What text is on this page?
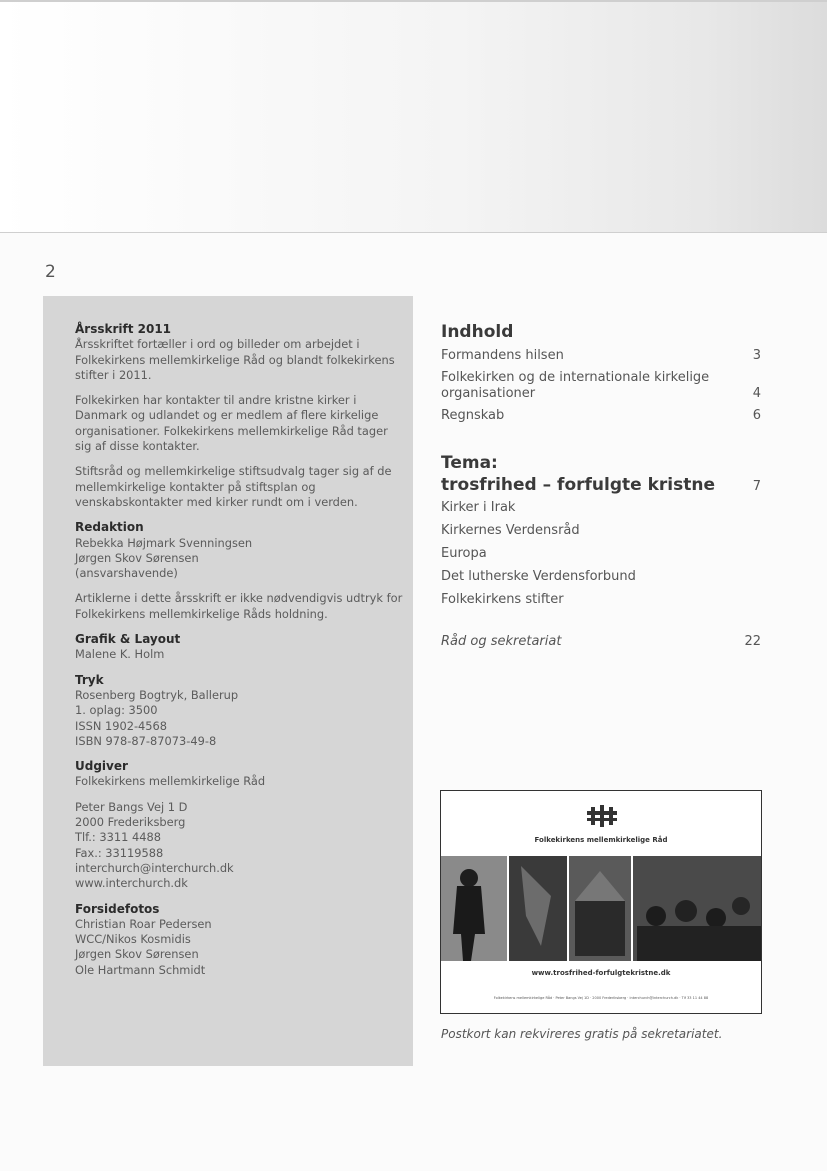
2

Årsskrift 2011

Årsskriftet fortæller i ord og billeder om arbejdet i Folkekirkens mellemkirkelige Råd og blandt folkekirkens stifter i 2011.

Folkekirken har kontakter til andre kristne kirker i Danmark og udlandet og er medlem af flere kirkelige organisationer. Folkekirkens mellemkirkelige Råd tager sig af disse kontakter.

Stiftsråd og mellemkirkelige stiftsudvalg tager sig af de mellemkirkelige kontakter på stiftsplan og venskabskontakter med kirker rundt om i verden.

Redaktion

Rebekka Højmark Svenningsen

Jørgen Skov Sørensen

(ansvarshavende)

Artiklerne i dette årsskrift er ikke nødvendigvis udtryk for Folkekirkens mellemkirkelige Råds holdning.

Grafik & Layout

Malene K. Holm

Tryk

Rosenberg Bogtryk, Ballerup

1. oplag: 3500

ISSN 1902-4568

ISBN 978-87-87073-49-8

Udgiver

Folkekirkens mellemkirkelige Råd

Peter Bangs Vej 1 D

2000 Frederiksberg

Tlf.: 3311 4488

Fax.: 33119588

interchurch@interchurch.dk

www.interchurch.dk

Forsidefotos

Christian Roar Pedersen

WCC/Nikos Kosmidis

Jørgen Skov Sørensen

Ole Hartmann Schmidt

Indhold

Formandens hilsen	3
Folkekirken og de internationale kirkelige organisationer	4
Regnskab	6

Tema:

trosfrihed – forfulgte kristne	7

Kirker i Irak
Kirkernes Verdensråd
Europa
Det lutherske Verdensforbund
Folkekirkens stifter
Råd og sekretariat	22
Folkekirkens mellemkirkelige Råd
www.trosfrihed-forfulgtekristne.dk
Folkekirkens mellemkirkelige Råd · Peter Bangs Vej 1D · 2000 Frederiksberg · interchurch@interchurch.dk · Tlf 33 11 44 88
Postkort kan rekvireres gratis på sekretariatet.
